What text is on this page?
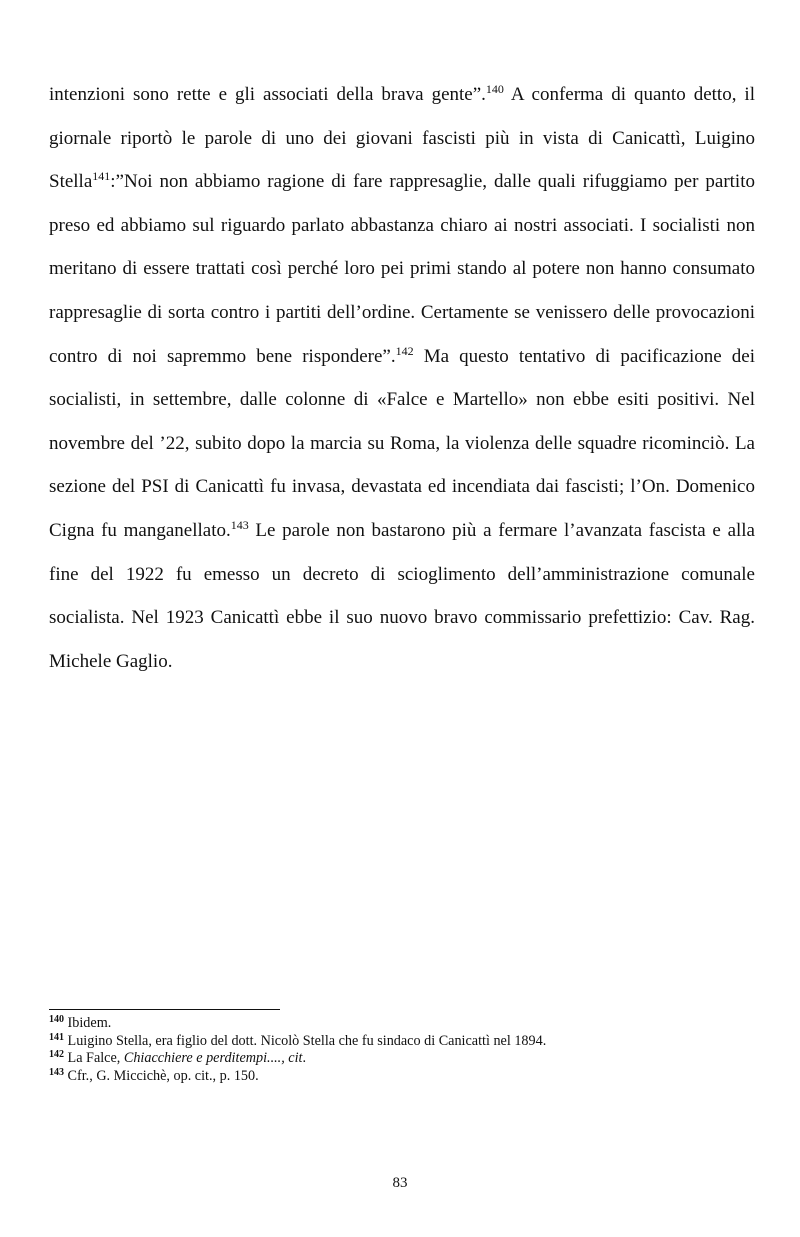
intenzioni sono rette e gli associati della brava gente”.$^{140}$ A conferma di quanto detto, il
giornale riportò le parole di uno dei giovani fascisti più in vista di Canicattì, Luigino
Stella$^{141}$:”Noi non abbiamo ragione di fare rappresaglie, dalle quali rifuggiamo per partito
preso ed abbiamo sul riguardo parlato abbastanza chiaro ai nostri associati. I socialisti non
meritano di essere trattati così perché loro pei primi stando al potere non hanno consumato
rappresaglie di sorta contro i partiti dell’ordine. Certamente se venissero delle provocazioni
contro di noi sapremmo bene rispondere”.$^{142}$ Ma questo tentativo di pacificazione dei
socialisti, in settembre, dalle colonne di «Falce e Martello» non ebbe esiti positivi. Nel
novembre del ’22, subito dopo la marcia su Roma, la violenza delle squadre ricominciò. La
sezione del PSI di Canicattì fu invasa, devastata ed incendiata dai fascisti; l’On. Domenico
Cigna fu manganellato.$^{143}$ Le parole non bastarono più a fermare l’avanzata fascista e alla
fine del 1922 fu emesso un decreto di scioglimento dell’amministrazione comunale
socialista. Nel 1923 Canicattì ebbe il suo nuovo bravo commissario prefettizio: Cav. Rag.
Michele Gaglio.
$^{140}$ Ibidem.
$^{141}$ Luigino Stella, era figlio del dott. Nicolò Stella che fu sindaco di Canicattì nel 1894.
$^{142}$ La Falce, Chiacchiere e perditempi...., cit.
$^{143}$ Cfr., G. Miccichè, op. cit., p. 150.
83
